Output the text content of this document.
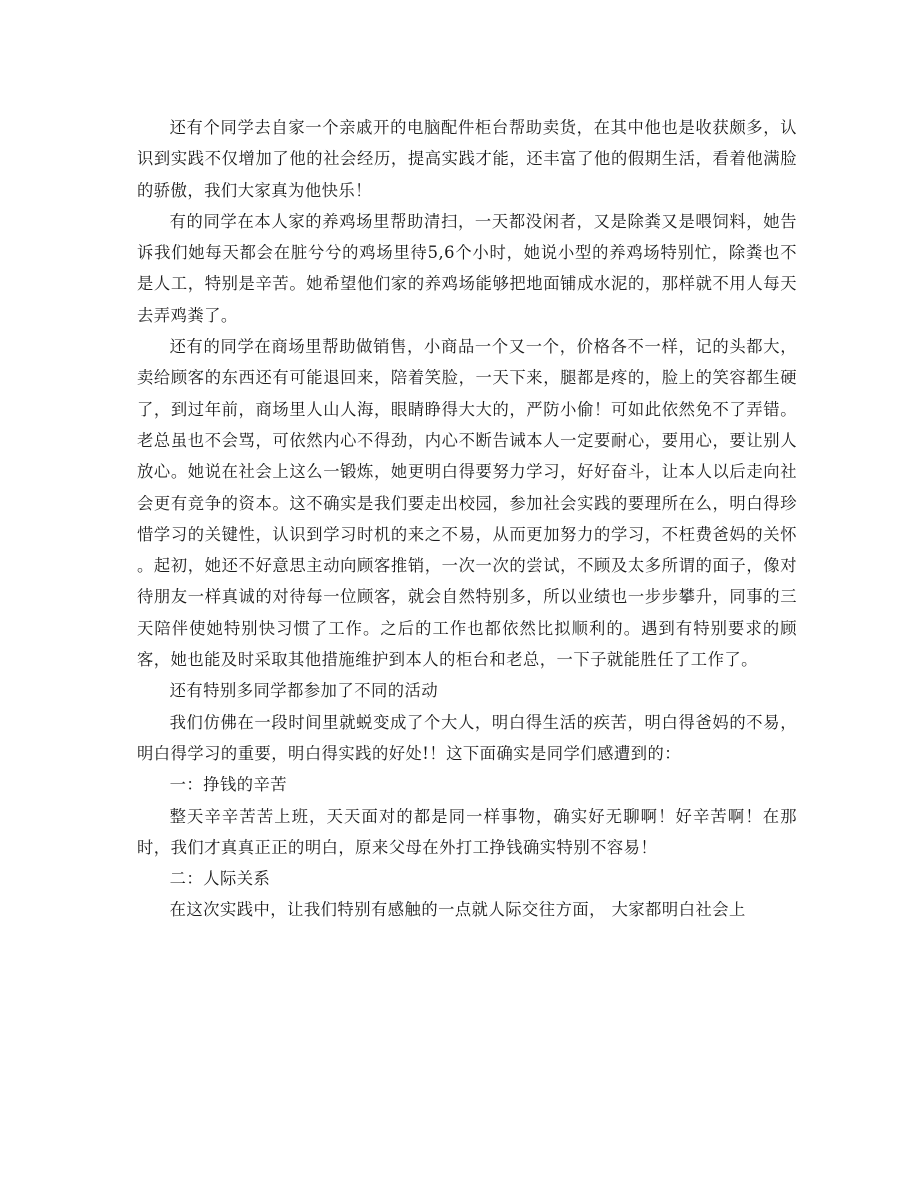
还有个同学去自家一个亲戚开的电脑配件柜台帮助卖货，在其中他也是收获颇多，认识到实践不仅增加了他的社会经历，提高实践才能，还丰富了他的假期生活，看着他满脸的骄傲，我们大家真为他快乐！

有的同学在本人家的养鸡场里帮助清扫，一天都没闲者，又是除粪又是喂饲料，她告诉我们她每天都会在脏兮兮的鸡场里待5,6个小时，她说小型的养鸡场特别忙，除粪也不是人工，特别是辛苦。她希望他们家的养鸡场能够把地面铺成水泥的，那样就不用人每天去弄鸡粪了。

还有的同学在商场里帮助做销售，小商品一个又一个，价格各不一样，记的头都大，卖给顾客的东西还有可能退回来，陪着笑脸，一天下来，腿都是疼的，脸上的笑容都生硬了，到过年前，商场里人山人海，眼睛睁得大大的，严防小偷！可如此依然免不了弄错。老总虽也不会骂，可依然内心不得劲，内心不断告诫本人一定要耐心，要用心，要让别人放心。她说在社会上这么一锻炼，她更明白得要努力学习，好好奋斗，让本人以后走向社会更有竞争的资本。这不确实是我们要走出校园，参加社会实践的要理所在么，明白得珍惜学习的关键性，认识到学习时机的来之不易，从而更加努力的学习，不枉费爸妈的关怀 。起初，她还不好意思主动向顾客推销，一次一次的尝试，不顾及太多所谓的面子，像对待朋友一样真诚的对待每一位顾客，就会自然特别多，所以业绩也一步步攀升，同事的三天陪伴使她特别快习惯了工作。之后的工作也都依然比拟顺利的。遇到有特别要求的顾客，她也能及时采取其他措施维护到本人的柜台和老总，一下子就能胜任了工作了。

还有特别多同学都参加了不同的活动

我们仿佛在一段时间里就蜕变成了个大人，明白得生活的疾苦，明白得爸妈的不易，明白得学习的重要，明白得实践的好处!！这下面确实是同学们感遭到的：

一：挣钱的辛苦

整天辛辛苦苦上班，天天面对的都是同一样事物，确实好无聊啊！好辛苦啊！在那时，我们才真真正正的明白，原来父母在外打工挣钱确实特别不容易！

二：人际关系

在这次实践中，让我们特别有感触的一点就人际交往方面， 大家都明白社会上
